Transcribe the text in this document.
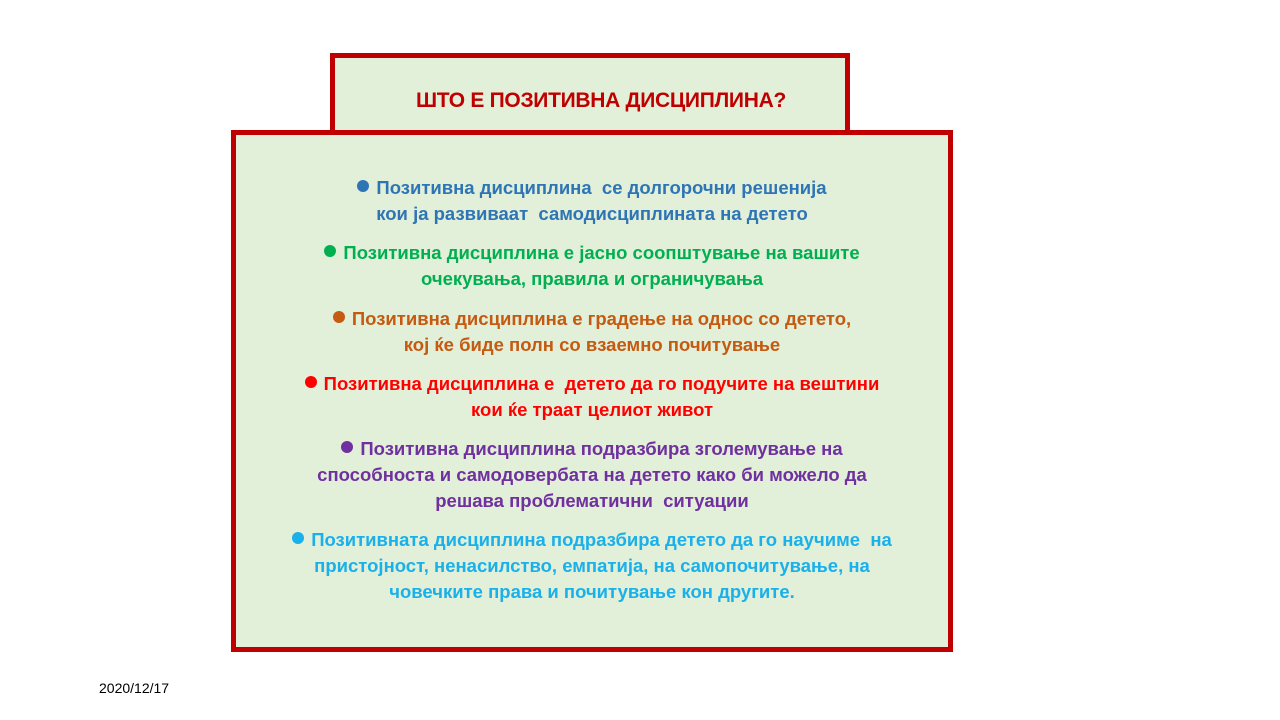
ШТО Е ПОЗИТИВНА ДИСЦИПЛИНА?
Позитивна дисциплина  се долгорочни решенија
кои ја развиваат  самодисциплината на детето
Позитивна дисциплина е јасно соопштување на вашите
очекувања, правила и ограничувања
Позитивна дисциплина е градење на однос со детето,
кој ќе биде полн со взаемно почитување
Позитивна дисциплина е  детето да го подучите на вештини
кои ќе траат целиот живот
Позитивна дисциплина подразбира зголемување на
способноста и самодовербата на детето како би можело да
решава проблематични  ситуации
Позитивната дисциплина подразбира детето да го научиме  на
пристојност, ненасилство, емпатија, на самопочитување, на
човечките права и почитување кон другите.
2020/12/17
